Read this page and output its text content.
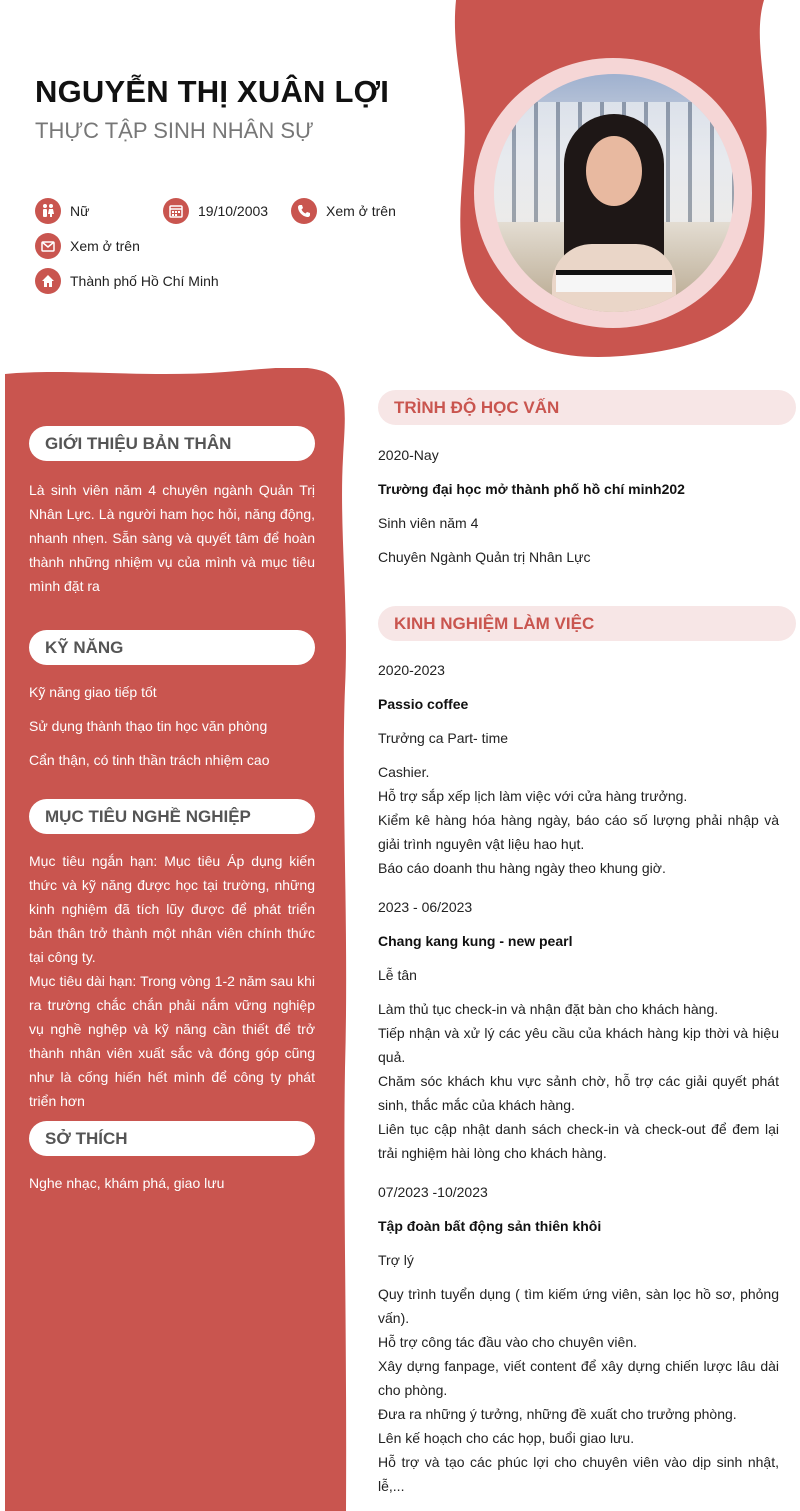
NGUYỄN THỊ XUÂN LỢI
THỰC TẬP SINH NHÂN SỰ
Nữ	19/10/2003	Xem ở trên
Xem ở trên
Thành phố Hồ Chí Minh
GIỚI THIỆU BẢN THÂN
Là sinh viên năm 4 chuyên ngành Quản Trị Nhân Lực. Là người ham học hỏi, năng động, nhanh nhẹn. Sẵn sàng và quyết tâm để hoàn thành những nhiệm vụ của mình và mục tiêu mình đặt ra
KỸ NĂNG
Kỹ năng giao tiếp tốt
Sử dụng thành thạo tin học văn phòng
Cẩn thận, có tinh thần trách nhiệm cao
MỤC TIÊU NGHỀ NGHIỆP
Mục tiêu ngắn hạn: Mục tiêu Áp dụng kiến thức và kỹ năng được học tại trường, những kinh nghiệm đã tích lũy được để phát triển bản thân trở thành một nhân viên chính thức tại công ty.
Mục tiêu dài hạn: Trong vòng 1-2 năm sau khi ra trường chắc chắn phải nắm vững nghiệp vụ nghề nghệp và kỹ năng cần thiết để trở thành nhân viên xuất sắc và đóng góp cũng như là cống hiến hết mình để công ty phát triển hơn
SỞ THÍCH
Nghe nhạc, khám phá, giao lưu
TRÌNH ĐỘ HỌC VẤN
2020-Nay
Trường đại học mở thành phố hồ chí minh202
Sinh viên năm 4
Chuyên Ngành Quản trị Nhân Lực
KINH NGHIỆM LÀM VIỆC
2020-2023
Passio coffee
Trưởng ca Part- time
Cashier.
Hỗ trợ sắp xếp lịch làm việc với cửa hàng trưởng.
Kiểm kê hàng hóa hàng ngày, báo cáo số lượng phải nhập và giải trình nguyên vật liệu hao hụt.
Báo cáo doanh thu hàng ngày theo khung giờ.
2023 - 06/2023
Chang kang kung - new pearl
Lễ tân
Làm thủ tục check-in và nhận đặt bàn cho khách hàng.
Tiếp nhận và xử lý các yêu cầu của khách hàng kịp thời và hiệu quả.
Chăm sóc khách khu vực sảnh chờ, hỗ trợ các giải quyết phát sinh, thắc mắc của khách hàng.
Liên tục cập nhật danh sách check-in và check-out để đem lại trải nghiệm hài lòng cho khách hàng.
07/2023 -10/2023
Tập đoàn bất động sản thiên khôi
Trợ lý
Quy trình tuyển dụng ( tìm kiếm ứng viên, sàn lọc hồ sơ, phỏng vấn).
Hỗ trợ công tác đầu vào cho chuyên viên.
Xây dựng fanpage, viết content để xây dựng chiến lược lâu dài cho phòng.
Đưa ra những ý tưởng, những đề xuất cho trưởng phòng.
Lên kế hoạch cho các họp, buổi giao lưu.
Hỗ trợ và tạo các phúc lợi cho chuyên viên vào dịp sinh nhật, lễ,...
